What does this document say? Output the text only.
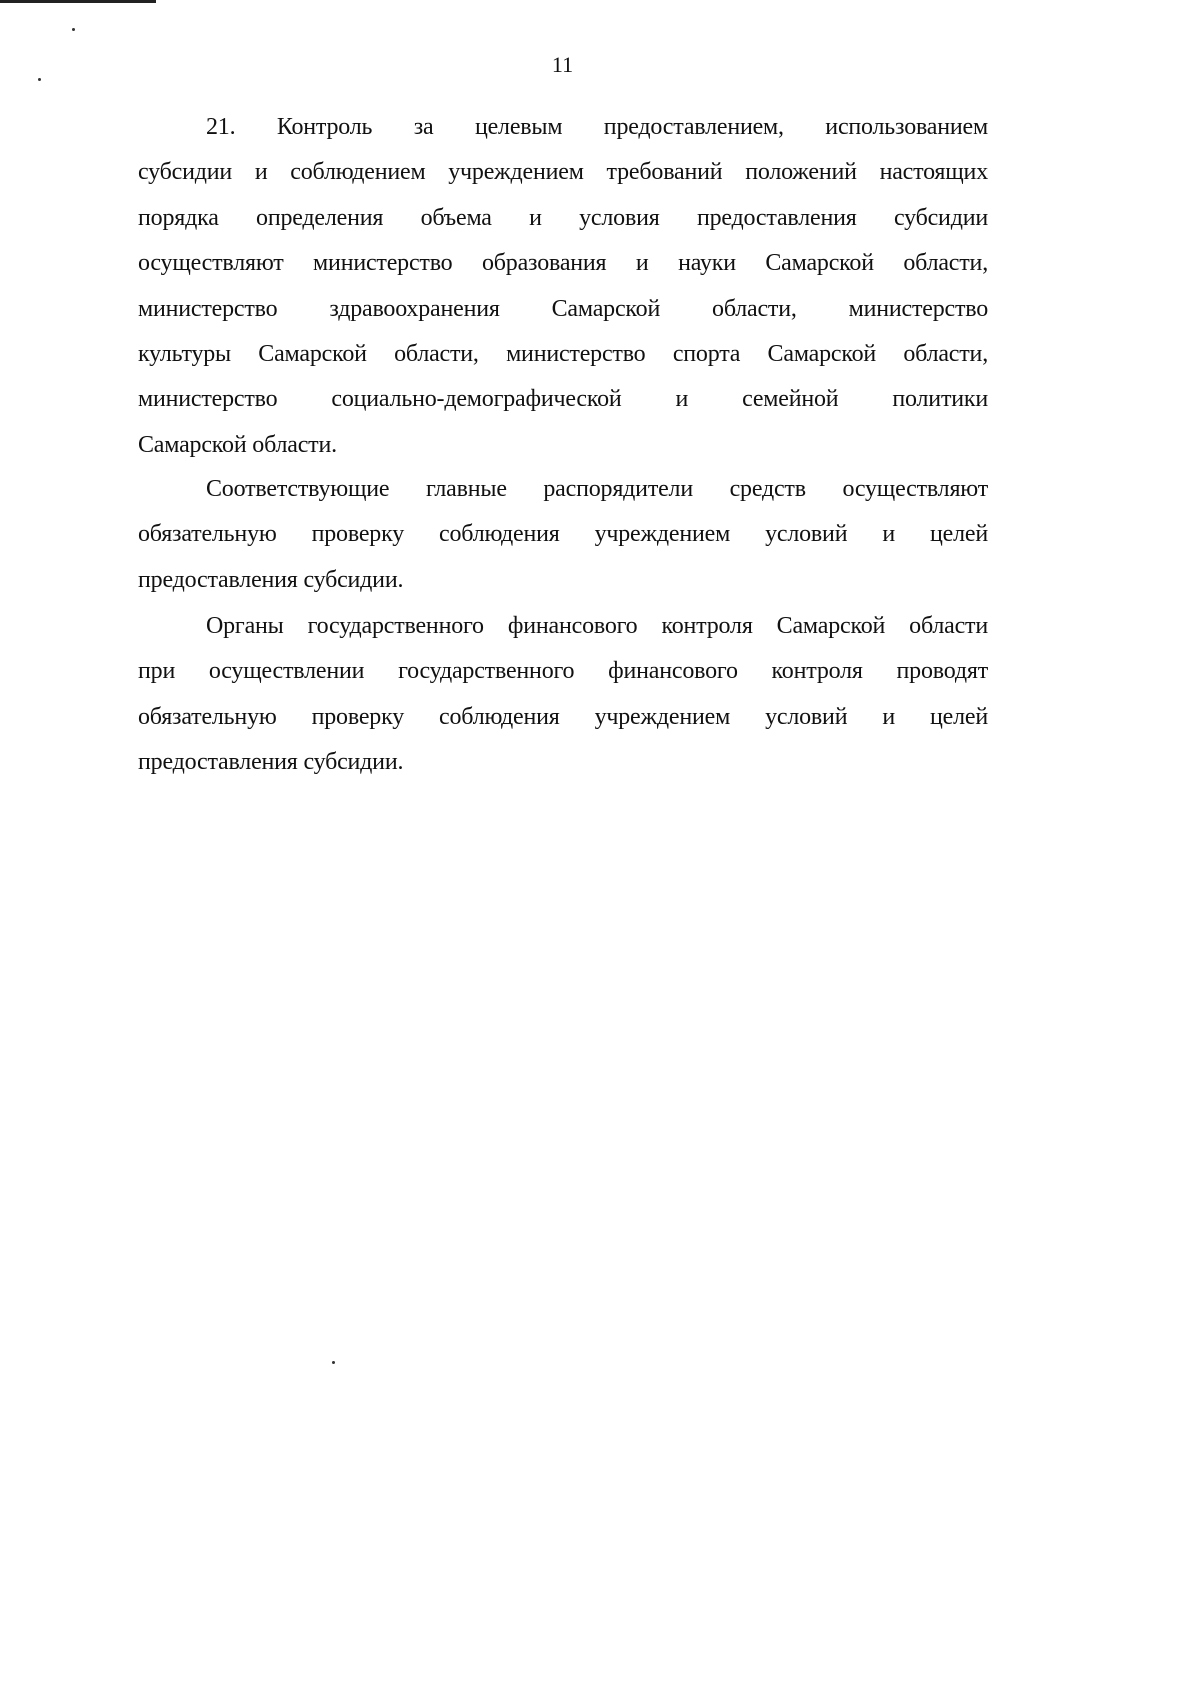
11
21. Контроль за целевым предоставлением, использованием
субсидии и соблюдением учреждением требований положений настоящих
порядка определения объема и условия предоставления субсидии
осуществляют министерство образования и науки Самарской области,
министерство здравоохранения Самарской области, министерство
культуры Самарской области, министерство спорта Самарской области,
министерство социально-демографической и семейной политики
Самарской области.
Соответствующие главные распорядители средств осуществляют
обязательную проверку соблюдения учреждением условий и целей
предоставления субсидии.
Органы государственного финансового контроля Самарской области
при осуществлении государственного финансового контроля проводят
обязательную проверку соблюдения учреждением условий и целей
предоставления субсидии.
